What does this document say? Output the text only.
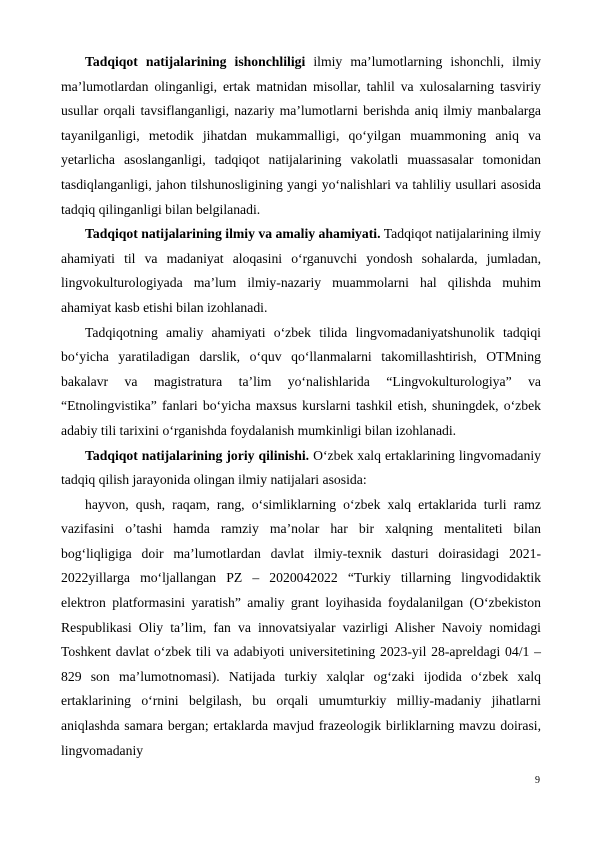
Tadqiqot natijalarining ishonchliligi ilmiy ma’lumotlarning ishonchli, ilmiy ma’lumotlardan olinganligi, ertak matnidan misollar, tahlil va xulosalarning tasviriy usullar orqali tavsiflanganligi, nazariy ma’lumotlarni berishda aniq ilmiy manbalarga tayanilganligi, metodik jihatdan mukammalligi, qo‘yilgan muammoning aniq va yetarlicha asoslanganligi, tadqiqot natijalarining vakolatli muassasalar tomonidan tasdiqlanganligi, jahon tilshunosligining yangi yo‘nalishlari va tahliliy usullari asosida tadqiq qilinganligi bilan belgilanadi.

Tadqiqot natijalarining ilmiy va amaliy ahamiyati. Tadqiqot natijalarining ilmiy ahamiyati til va madaniyat aloqasini o‘rganuvchi yondosh sohalarda, jumladan, lingvokulturologiyada ma’lum ilmiy-nazariy muammolarni hal qilishda muhim ahamiyat kasb etishi bilan izohlanadi.

Tadqiqotning amaliy ahamiyati o‘zbek tilida lingvomadaniyatshunolik tadqiqi bo‘yicha yaratiladigan darslik, o‘quv qo‘llanmalarni takomillashtirish, OTMning bakalavr va magistratura ta’lim yo‘nalishlarida “Lingvokulturologiya” va “Etnolingvistika” fanlari bo‘yicha maxsus kurslarni tashkil etish, shuningdek, o‘zbek adabiy tili tarixini o‘rganishda foydalanish mumkinligi bilan izohlanadi.

Tadqiqot natijalarining joriy qilinishi. O‘zbek xalq ertaklarining lingvomadaniy tadqiq qilish jarayonida olingan ilmiy natijalari asosida:

hayvon, qush, raqam, rang, o‘simliklarning o‘zbek xalq ertaklarida turli ramz vazifasini o’tashi hamda ramziy ma’nolar har bir xalqning mentaliteti bilan bog‘liqligiga doir ma’lumotlardan davlat ilmiy-texnik dasturi doirasidagi 2021-2022yillarga mo‘ljallangan PZ – 2020042022 “Turkiy tillarning lingvodidaktik elektron platformasini yaratish” amaliy grant loyihasida foydalanilgan (O‘zbekiston Respublikasi Oliy ta’lim, fan va innovatsiyalar vazirligi Alisher Navoiy nomidagi Toshkent davlat o‘zbek tili va adabiyoti universitetining 2023-yil 28-apreldagi 04/1 – 829 son ma’lumotnomasi). Natijada turkiy xalqlar og‘zaki ijodida o‘zbek xalq ertaklarining o‘rnini belgilash, bu orqali umumturkiy milliy-madaniy jihatlarni aniqlashda samara bergan; ertaklarda mavjud frazeologik birliklarning mavzu doirasi, lingvomadaniy

9
